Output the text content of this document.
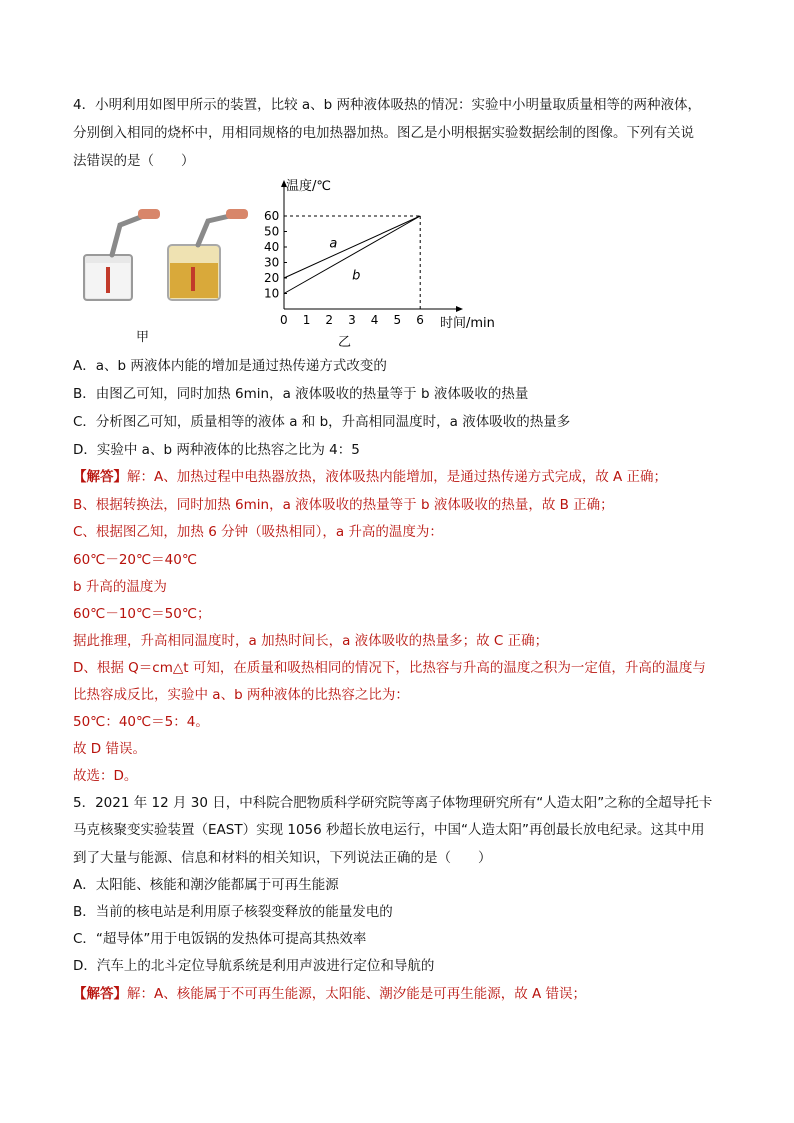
4．小明利用如图甲所示的装置，比较 a、b 两种液体吸热的情况：实验中小明量取质量相等的两种液体，
分别倒入相同的烧杯中，用相同规格的电加热器加热。图乙是小明根据实验数据绘制的图像。下列有关说
法错误的是（　　）
甲
温度/℃
时间/min
乙
0 1 2 3 4 5 6
10
20
30
40
50
60
a
b
A．a、b 两液体内能的增加是通过热传递方式改变的
B．由图乙可知，同时加热 6min，a 液体吸收的热量等于 b 液体吸收的热量
C．分析图乙可知，质量相等的液体 a 和 b，升高相同温度时，a 液体吸收的热量多
D．实验中 a、b 两种液体的比热容之比为 4：5
【解答】解：A、加热过程中电热器放热，液体吸热内能增加，是通过热传递方式完成，故 A 正确；
B、根据转换法，同时加热 6min，a 液体吸收的热量等于 b 液体吸收的热量，故 B 正确；
C、根据图乙知，加热 6 分钟（吸热相同），a 升高的温度为：
60℃－20℃＝40℃
b 升高的温度为
60℃－10℃＝50℃；
据此推理，升高相同温度时，a 加热时间长，a 液体吸收的热量多；故 C 正确；
D、根据 Q＝cm△t 可知，在质量和吸热相同的情况下，比热容与升高的温度之积为一定值，升高的温度与
比热容成反比，实验中 a、b 两种液体的比热容之比为：
50℃：40℃＝5：4。
故 D 错误。
故选：D。
5．2021 年 12 月 30 日，中科院合肥物质科学研究院等离子体物理研究所有“人造太阳”之称的全超导托卡
马克核聚变实验装置（EAST）实现 1056 秒超长放电运行，中国“人造太阳”再创最长放电纪录。这其中用
到了大量与能源、信息和材料的相关知识，下列说法正确的是（　　）
A．太阳能、核能和潮汐能都属于可再生能源
B．当前的核电站是利用原子核裂变释放的能量发电的
C．“超导体”用于电饭锅的发热体可提高其热效率
D．汽车上的北斗定位导航系统是利用声波进行定位和导航的
【解答】解：A、核能属于不可再生能源，太阳能、潮汐能是可再生能源，故 A 错误；
